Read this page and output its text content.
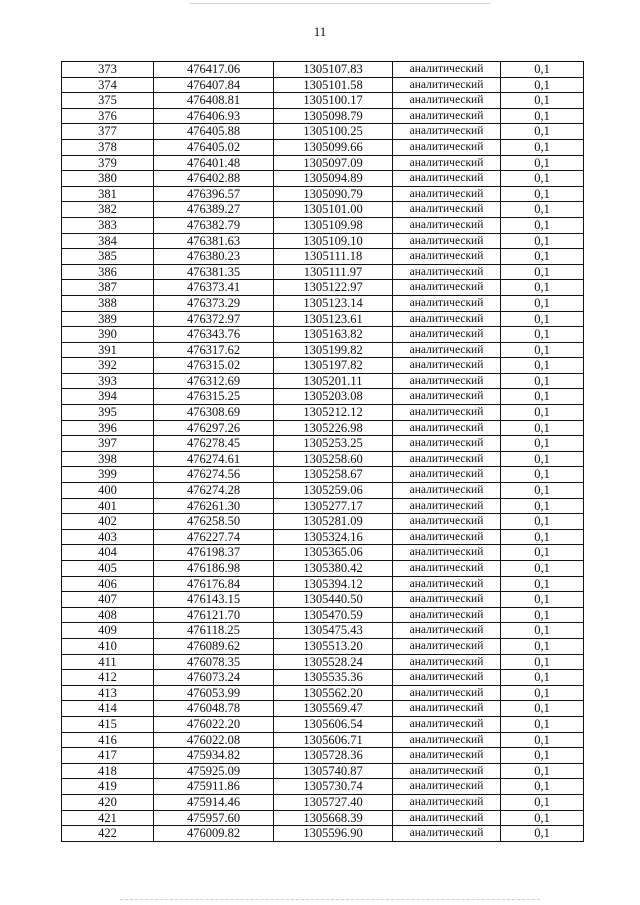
11
373	476417.06	1305107.83	аналитический	0,1
374	476407.84	1305101.58	аналитический	0,1
375	476408.81	1305100.17	аналитический	0,1
376	476406.93	1305098.79	аналитический	0,1
377	476405.88	1305100.25	аналитический	0,1
378	476405.02	1305099.66	аналитический	0,1
379	476401.48	1305097.09	аналитический	0,1
380	476402.88	1305094.89	аналитический	0,1
381	476396.57	1305090.79	аналитический	0,1
382	476389.27	1305101.00	аналитический	0,1
383	476382.79	1305109.98	аналитический	0,1
384	476381.63	1305109.10	аналитический	0,1
385	476380.23	1305111.18	аналитический	0,1
386	476381.35	1305111.97	аналитический	0,1
387	476373.41	1305122.97	аналитический	0,1
388	476373.29	1305123.14	аналитический	0,1
389	476372.97	1305123.61	аналитический	0,1
390	476343.76	1305163.82	аналитический	0,1
391	476317.62	1305199.82	аналитический	0,1
392	476315.02	1305197.82	аналитический	0,1
393	476312.69	1305201.11	аналитический	0,1
394	476315.25	1305203.08	аналитический	0,1
395	476308.69	1305212.12	аналитический	0,1
396	476297.26	1305226.98	аналитический	0,1
397	476278.45	1305253.25	аналитический	0,1
398	476274.61	1305258.60	аналитический	0,1
399	476274.56	1305258.67	аналитический	0,1
400	476274.28	1305259.06	аналитический	0,1
401	476261.30	1305277.17	аналитический	0,1
402	476258.50	1305281.09	аналитический	0,1
403	476227.74	1305324.16	аналитический	0,1
404	476198.37	1305365.06	аналитический	0,1
405	476186.98	1305380.42	аналитический	0,1
406	476176.84	1305394.12	аналитический	0,1
407	476143.15	1305440.50	аналитический	0,1
408	476121.70	1305470.59	аналитический	0,1
409	476118.25	1305475.43	аналитический	0,1
410	476089.62	1305513.20	аналитический	0,1
411	476078.35	1305528.24	аналитический	0,1
412	476073.24	1305535.36	аналитический	0,1
413	476053.99	1305562.20	аналитический	0,1
414	476048.78	1305569.47	аналитический	0,1
415	476022.20	1305606.54	аналитический	0,1
416	476022.08	1305606.71	аналитический	0,1
417	475934.82	1305728.36	аналитический	0,1
418	475925.09	1305740.87	аналитический	0,1
419	475911.86	1305730.74	аналитический	0,1
420	475914.46	1305727.40	аналитический	0,1
421	475957.60	1305668.39	аналитический	0,1
422	476009.82	1305596.90	аналитический	0,1
